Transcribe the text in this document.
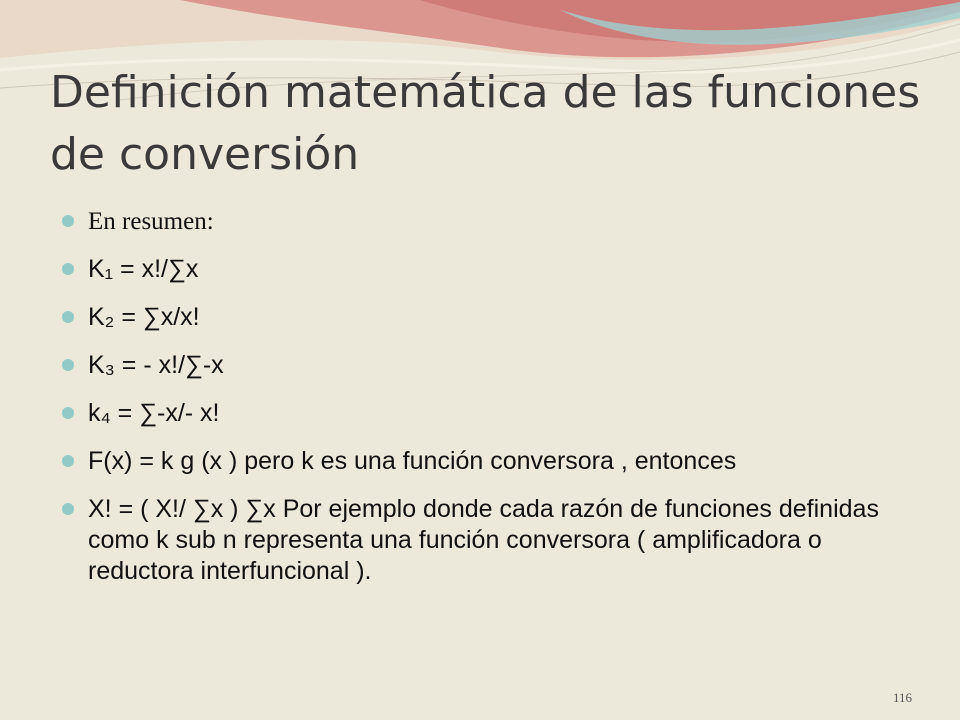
Definición matemática de las funciones de conversión
En resumen:
K₁ = x!/∑x
K₂ = ∑x/x!
K₃ = - x!/∑-x
k₄ = ∑-x/- x!
F(x) = k g (x ) pero k es una función conversora , entonces
X! = ( X!/ ∑x ) ∑x Por ejemplo donde cada razón de funciones definidas como k sub n representa una función conversora ( amplificadora o reductora interfuncional ).
116
